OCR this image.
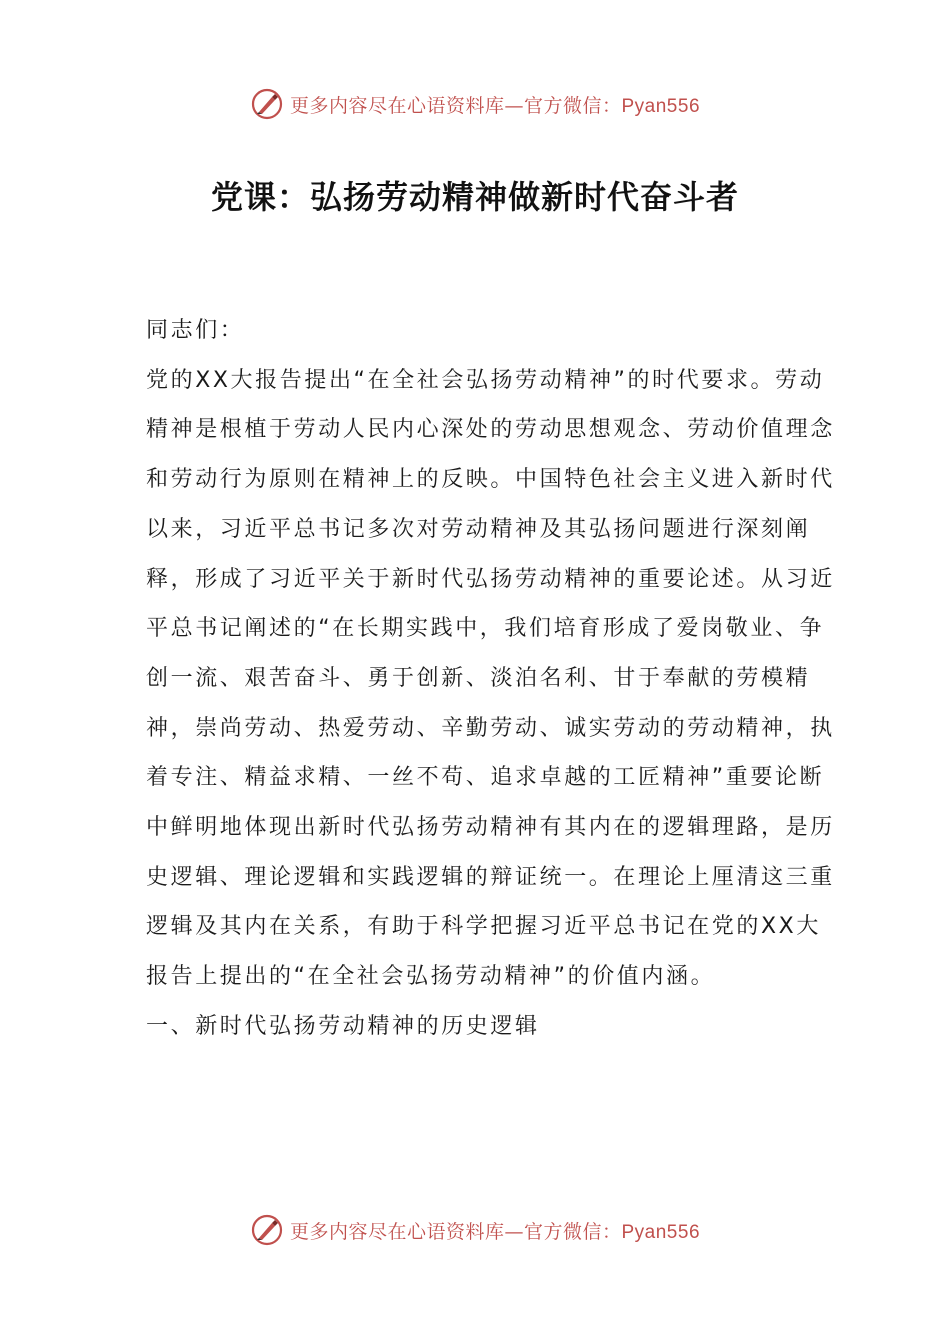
更多内容尽在心语资料库—官方微信：Pyan556
党课：弘扬劳动精神做新时代奋斗者

同志们：

党的XX大报告提出“在全社会弘扬劳动精神”的时代要求。劳动精神是根植于劳动人民内心深处的劳动思想观念、劳动价值理念和劳动行为原则在精神上的反映。中国特色社会主义进入新时代以来，习近平总书记多次对劳动精神及其弘扬问题进行深刻阐释，形成了习近平关于新时代弘扬劳动精神的重要论述。从习近平总书记阐述的“在长期实践中，我们培育形成了爱岗敬业、争创一流、艰苦奋斗、勇于创新、淡泊名利、甘于奉献的劳模精神，崇尚劳动、热爱劳动、辛勤劳动、诚实劳动的劳动精神，执着专注、精益求精、一丝不苟、追求卓越的工匠精神”重要论断中鲜明地体现出新时代弘扬劳动精神有其内在的逻辑理路，是历史逻辑、理论逻辑和实践逻辑的辩证统一。在理论上厘清这三重逻辑及其内在关系，有助于科学把握习近平总书记在党的XX大报告上提出的“在全社会弘扬劳动精神”的价值内涵。

一、新时代弘扬劳动精神的历史逻辑

更多内容尽在心语资料库—官方微信：Pyan556
